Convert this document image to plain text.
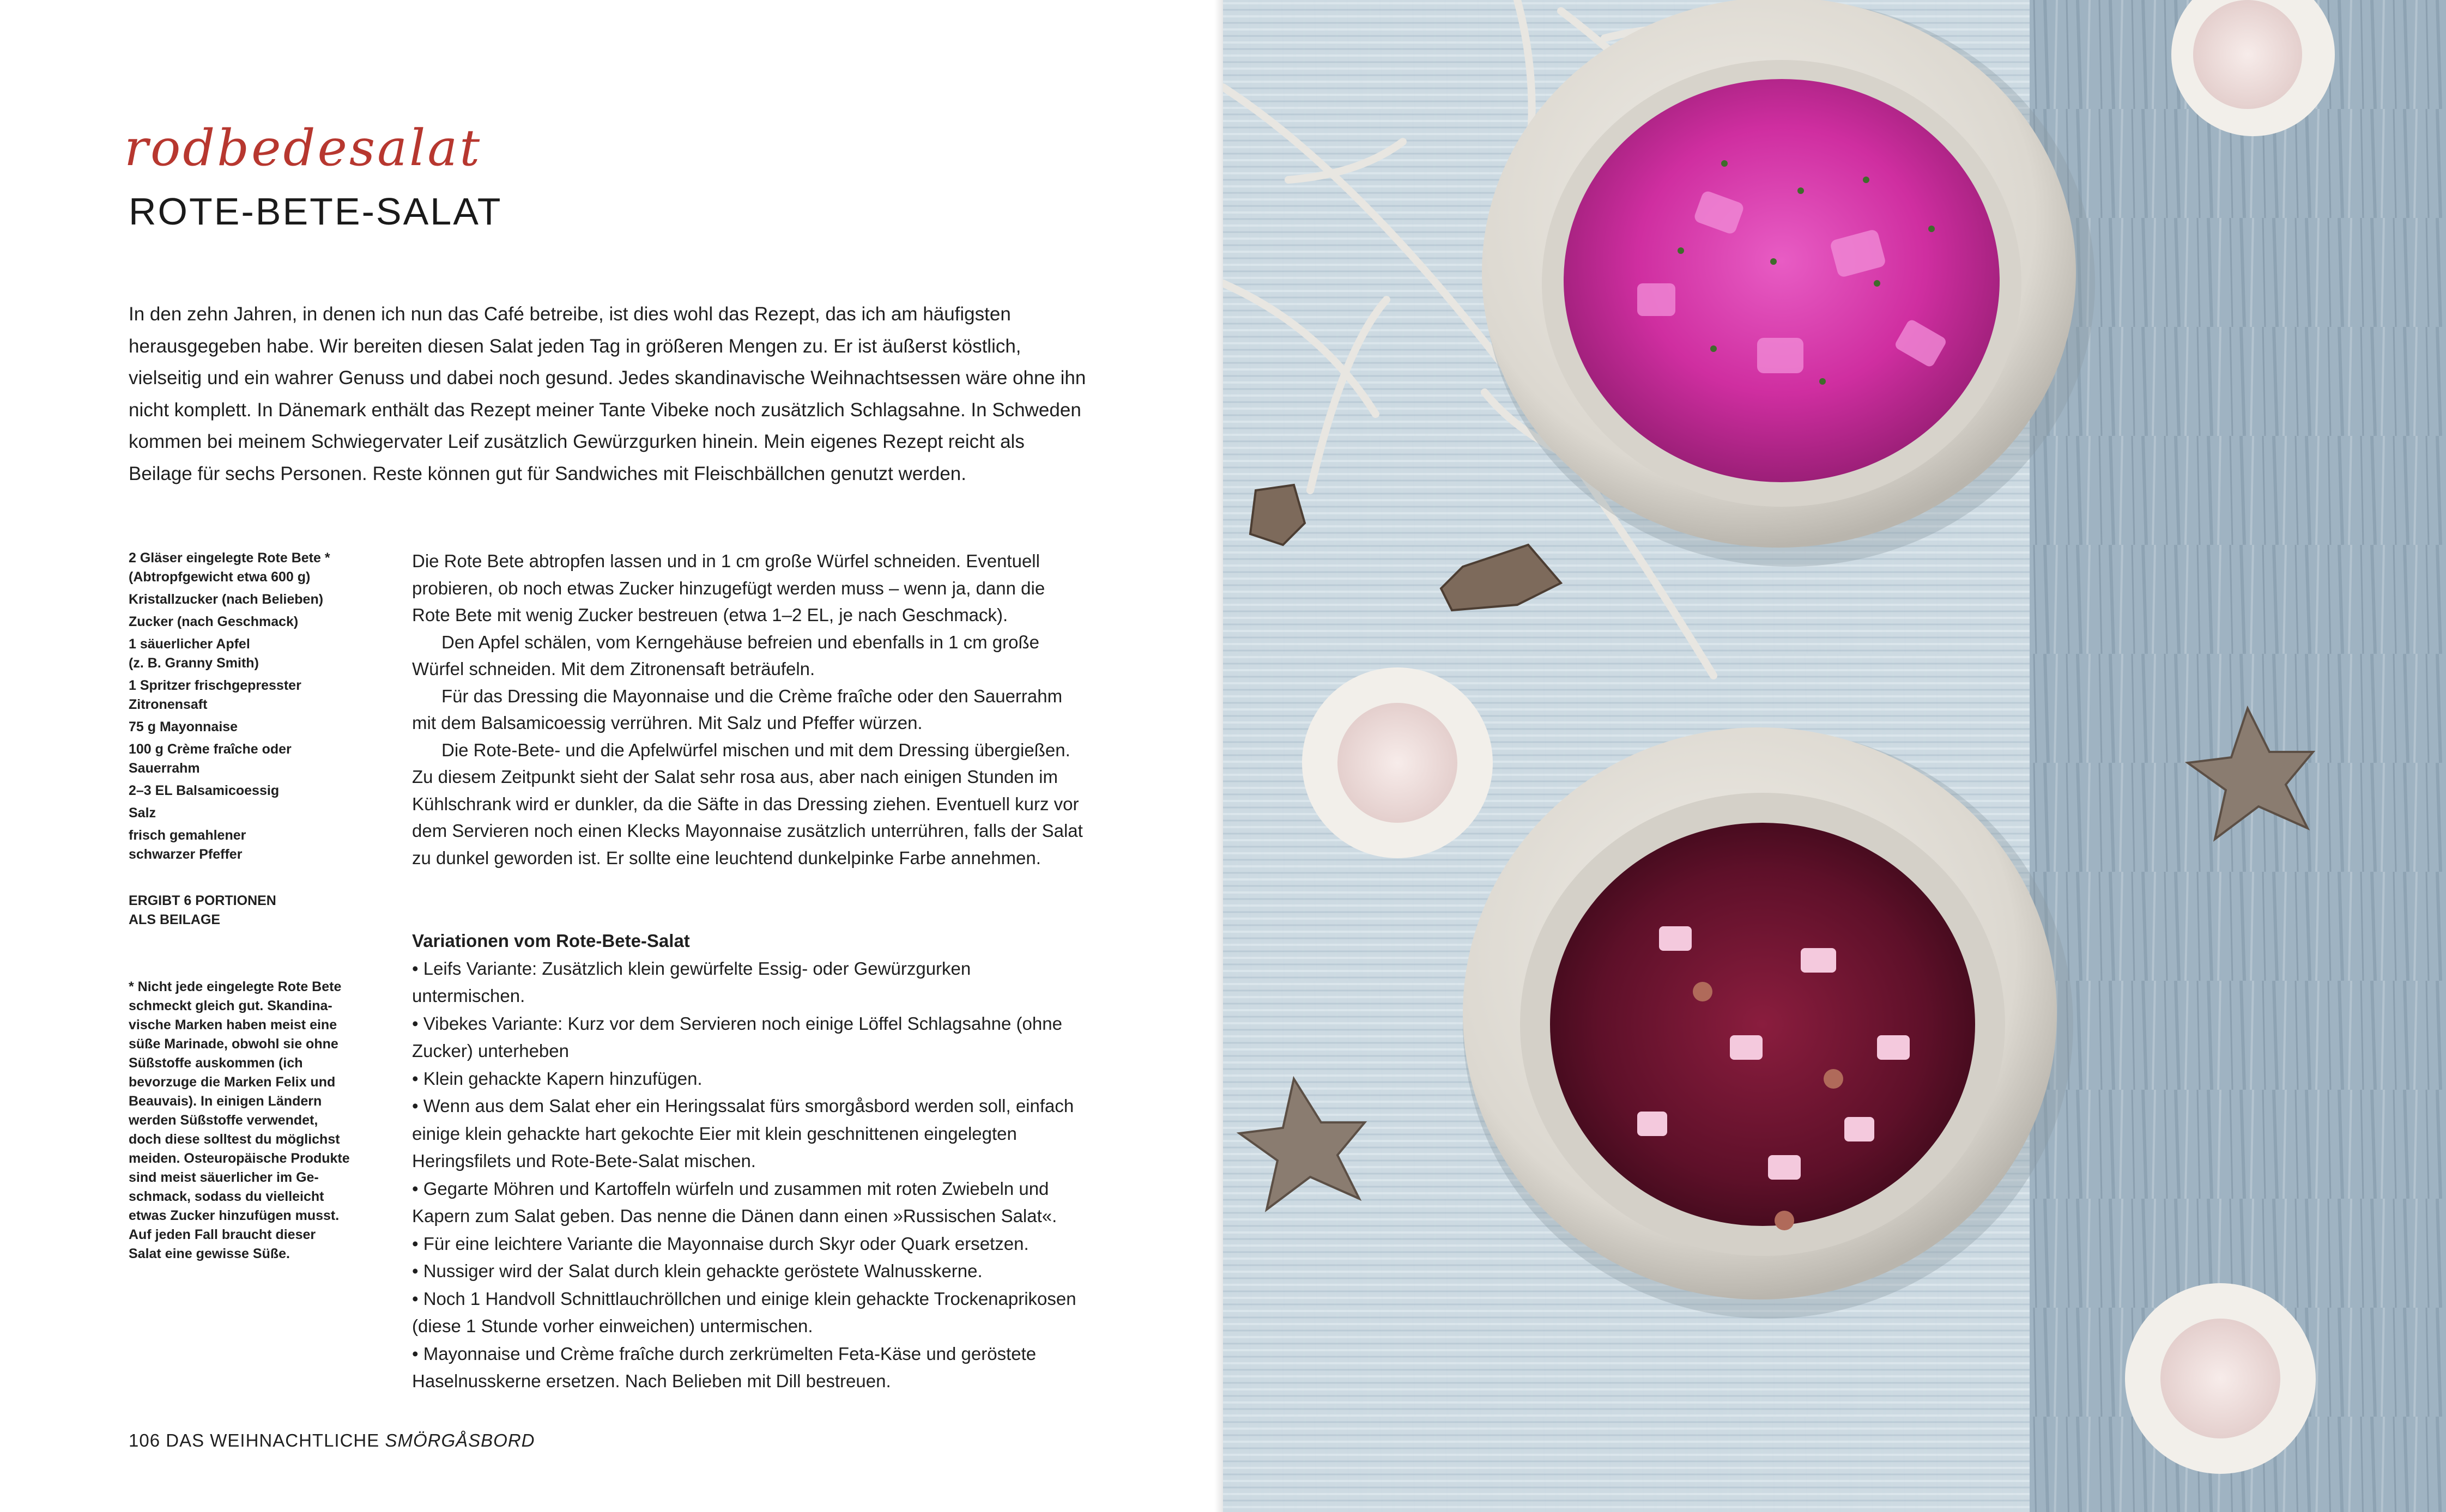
rodbedesalat
ROTE-BETE-SALAT

In den zehn Jahren, in denen ich nun das Café betreibe, ist dies wohl das Rezept, das ich am häufigsten herausgegeben habe. Wir bereiten diesen Salat jeden Tag in größeren Mengen zu. Er ist äußerst köstlich, vielseitig und ein wahrer Genuss und dabei noch gesund. Jedes skandinavische Weihnachtsessen wäre ohne ihn nicht komplett. In Dänemark enthält das Rezept meiner Tante Vibeke noch zusätzlich Schlagsahne. In Schweden kommen bei meinem Schwiegervater Leif zusätzlich Gewürzgurken hinein. Mein eigenes Rezept reicht als Beilage für sechs Personen. Reste können gut für Sandwiches mit Fleischbällchen genutzt werden.

2 Gläser eingelegte Rote Bete *
(Abtropfgewicht etwa 600 g)
Kristallzucker (nach Belieben)
Zucker (nach Geschmack)
1 säuerlicher Apfel
(z. B. Granny Smith)
1 Spritzer frischgepresster
Zitronensaft
75 g Mayonnaise
100 g Crème fraîche oder
Sauerrahm
2–3 EL Balsamicoessig
Salz
frisch gemahlener
schwarzer Pfeffer
ERGIBT 6 PORTIONEN
ALS BEILAGE
* Nicht jede eingelegte Rote Bete
schmeckt gleich gut. Skandina-
vische Marken haben meist eine
süße Marinade, obwohl sie ohne
Süßstoffe auskommen (ich
bevorzuge die Marken Felix und
Beauvais). In einigen Ländern
werden Süßstoffe verwendet,
doch diese solltest du möglichst
meiden. Osteuropäische Produkte
sind meist säuerlicher im Ge-
schmack, sodass du vielleicht
etwas Zucker hinzufügen musst.
Auf jeden Fall braucht dieser
Salat eine gewisse Süße.

Die Rote Bete abtropfen lassen und in 1 cm große Würfel schneiden. Eventuell probieren, ob noch etwas Zucker hinzugefügt werden muss – wenn ja, dann die Rote Bete mit wenig Zucker bestreuen (etwa 1–2 EL, je nach Geschmack).

Den Apfel schälen, vom Kerngehäuse befreien und ebenfalls in 1 cm große Würfel schneiden. Mit dem Zitronensaft beträufeln.

Für das Dressing die Mayonnaise und die Crème fraîche oder den Sauerrahm mit dem Balsamicoessig verrühren. Mit Salz und Pfeffer würzen.

Die Rote-Bete- und die Apfelwürfel mischen und mit dem Dressing übergießen. Zu diesem Zeitpunkt sieht der Salat sehr rosa aus, aber nach einigen Stunden im Kühlschrank wird er dunkler, da die Säfte in das Dressing ziehen. Eventuell kurz vor dem Servieren noch einen Klecks Mayonnaise zusätzlich unterrühren, falls der Salat zu dunkel geworden ist. Er sollte eine leuchtend dunkelpinke Farbe annehmen.

Variationen vom Rote-Bete-Salat
• Leifs Variante: Zusätzlich klein gewürfelte Essig- oder Gewürzgurken untermischen.
• Vibekes Variante: Kurz vor dem Servieren noch einige Löffel Schlagsahne (ohne Zucker) unterheben
• Klein gehackte Kapern hinzufügen.
• Wenn aus dem Salat eher ein Heringssalat fürs smorgåsbord werden soll, einfach einige klein gehackte hart gekochte Eier mit klein geschnittenen eingelegten Heringsfilets und Rote-Bete-Salat mischen.
• Gegarte Möhren und Kartoffeln würfeln und zusammen mit roten Zwiebeln und Kapern zum Salat geben. Das nenne die Dänen dann einen »Russischen Salat«.
• Für eine leichtere Variante die Mayonnaise durch Skyr oder Quark ersetzen.
• Nussiger wird der Salat durch klein gehackte geröstete Walnusskerne.
• Noch 1 Handvoll Schnittlauchröllchen und einige klein gehackte Trockenaprikosen (diese 1 Stunde vorher einweichen) untermischen.
• Mayonnaise und Crème fraîche durch zerkrümelten Feta-Käse und geröstete Haselnusskerne ersetzen. Nach Belieben mit Dill bestreuen.
106 DAS WEIHNACHTLICHE SMÖRGÅSBORD
